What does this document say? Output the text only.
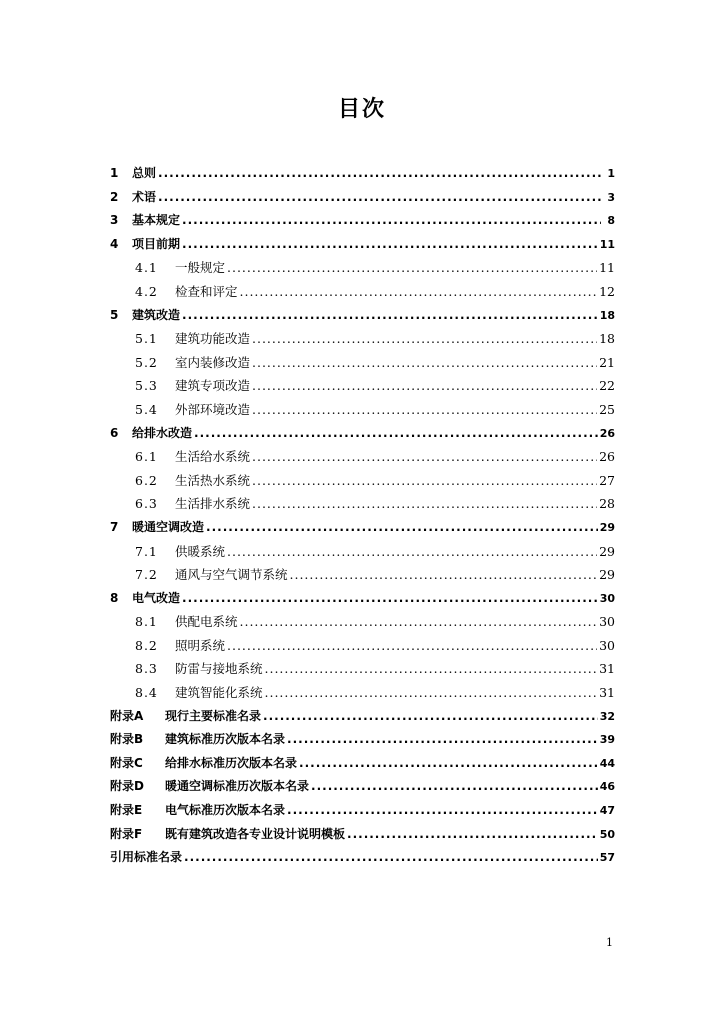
目次
1	总则 .....	1
2	术语 .....	3
3	基本规定 .....	8
4	项目前期 .....	11
4.1	一般规定 .....	11
4.2	检查和评定 .....	12
5	建筑改造 .....	18
5.1	建筑功能改造 .....	18
5.2	室内装修改造 .....	21
5.3	建筑专项改造 .....	22
5.4	外部环境改造 .....	25
6	给排水改造 .....	26
6.1	生活给水系统 .....	26
6.2	生活热水系统 .....	27
6.3	生活排水系统 .....	28
7	暖通空调改造 .....	29
7.1	供暖系统 .....	29
7.2	通风与空气调节系统 .....	29
8	电气改造 .....	30
8.1	供配电系统 .....	30
8.2	照明系统 .....	30
8.3	防雷与接地系统 .....	31
8.4	建筑智能化系统 .....	31
附录A	现行主要标准名录 .....	32
附录B	建筑标准历次版本名录 .....	39
附录C	给排水标准历次版本名录 .....	44
附录D	暖通空调标准历次版本名录 .....	46
附录E	电气标准历次版本名录 .....	47
附录F	既有建筑改造各专业设计说明模板 .....	50
引用标准名录 .....	57
1
